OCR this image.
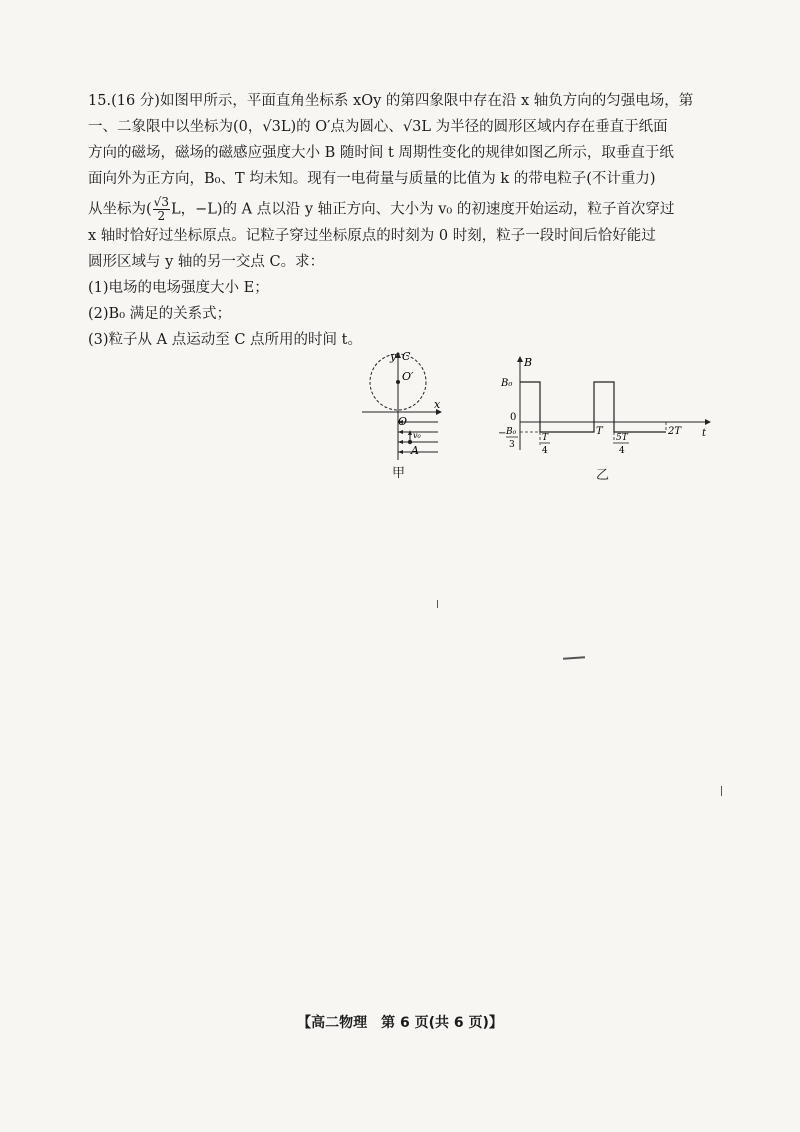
15.(16 分)如图甲所示，平面直角坐标系 xOy 的第四象限中存在沿 x 轴负方向的匀强电场，第

一、二象限中以坐标为(0，√3L)的 O′点为圆心、√3L 为半径的圆形区域内存在垂直于纸面

方向的磁场，磁场的磁感应强度大小 B 随时间 t 周期性变化的规律如图乙所示，取垂直于纸

面向外为正方向，B₀、T 均未知。现有一电荷量与质量的比值为 k 的带电粒子(不计重力)

从坐标为( $\frac{√3}{2}$ L，−L)的 A 点以沿 y 轴正方向、大小为 v₀ 的初速度开始运动，粒子首次穿过

x 轴时恰好过坐标原点。记粒子穿过坐标原点的时刻为 0 时刻，粒子一段时间后恰好能过

圆形区域与 y 轴的另一交点 C。求：

(1)电场的电场强度大小 E；

(2)B₀ 满足的关系式；

(3)粒子从 A 点运动至 C 点所用的时间 t。

y C
O′
x
O
v₀
A
甲
B
B₀
0
− B₀
3
T
4
T
5T
4
2T t
乙
【高二物理　第 6 页(共 6 页)】
